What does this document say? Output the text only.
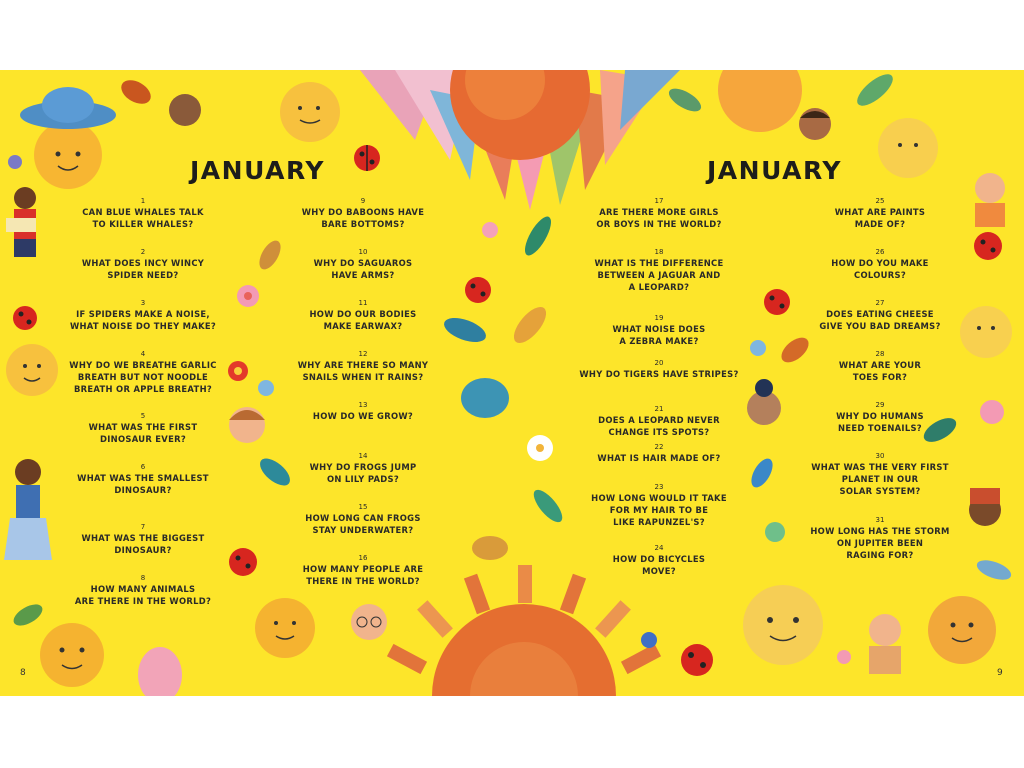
JANUARY	JANUARY
1
CAN BLUE WHALES TALK
TO KILLER WHALES?
2
WHAT DOES INCY WINCY
SPIDER NEED?
3
IF SPIDERS MAKE A NOISE,
WHAT NOISE DO THEY MAKE?
4
WHY DO WE BREATHE GARLIC
BREATH BUT NOT NOODLE
BREATH OR APPLE BREATH?
5
WHAT WAS THE FIRST
DINOSAUR EVER?
6
WHAT WAS THE SMALLEST
DINOSAUR?
7
WHAT WAS THE BIGGEST
DINOSAUR?
8
HOW MANY ANIMALS
ARE THERE IN THE WORLD?
9
WHY DO BABOONS HAVE
BARE BOTTOMS?
10
WHY DO SAGUAROS
HAVE ARMS?
11
HOW DO OUR BODIES
MAKE EARWAX?
12
WHY ARE THERE SO MANY
SNAILS WHEN IT RAINS?
13
HOW DO WE GROW?
14
WHY DO FROGS JUMP
ON LILY PADS?
15
HOW LONG CAN FROGS
STAY UNDERWATER?
16
HOW MANY PEOPLE ARE
THERE IN THE WORLD?
17
ARE THERE MORE GIRLS
OR BOYS IN THE WORLD?
18
WHAT IS THE DIFFERENCE
BETWEEN A JAGUAR AND
A LEOPARD?
19
WHAT NOISE DOES
A ZEBRA MAKE?
20
WHY DO TIGERS HAVE STRIPES?
21
DOES A LEOPARD NEVER
CHANGE ITS SPOTS?
22
WHAT IS HAIR MADE OF?
23
HOW LONG WOULD IT TAKE
FOR MY HAIR TO BE
LIKE RAPUNZEL'S?
24
HOW DO BICYCLES
MOVE?
25
WHAT ARE PAINTS
MADE OF?
26
HOW DO YOU MAKE
COLOURS?
27
DOES EATING CHEESE
GIVE YOU BAD DREAMS?
28
WHAT ARE YOUR
TOES FOR?
29
WHY DO HUMANS
NEED TOENAILS?
30
WHAT WAS THE VERY FIRST
PLANET IN OUR
SOLAR SYSTEM?
31
HOW LONG HAS THE STORM
ON JUPITER BEEN
RAGING FOR?
8	9
